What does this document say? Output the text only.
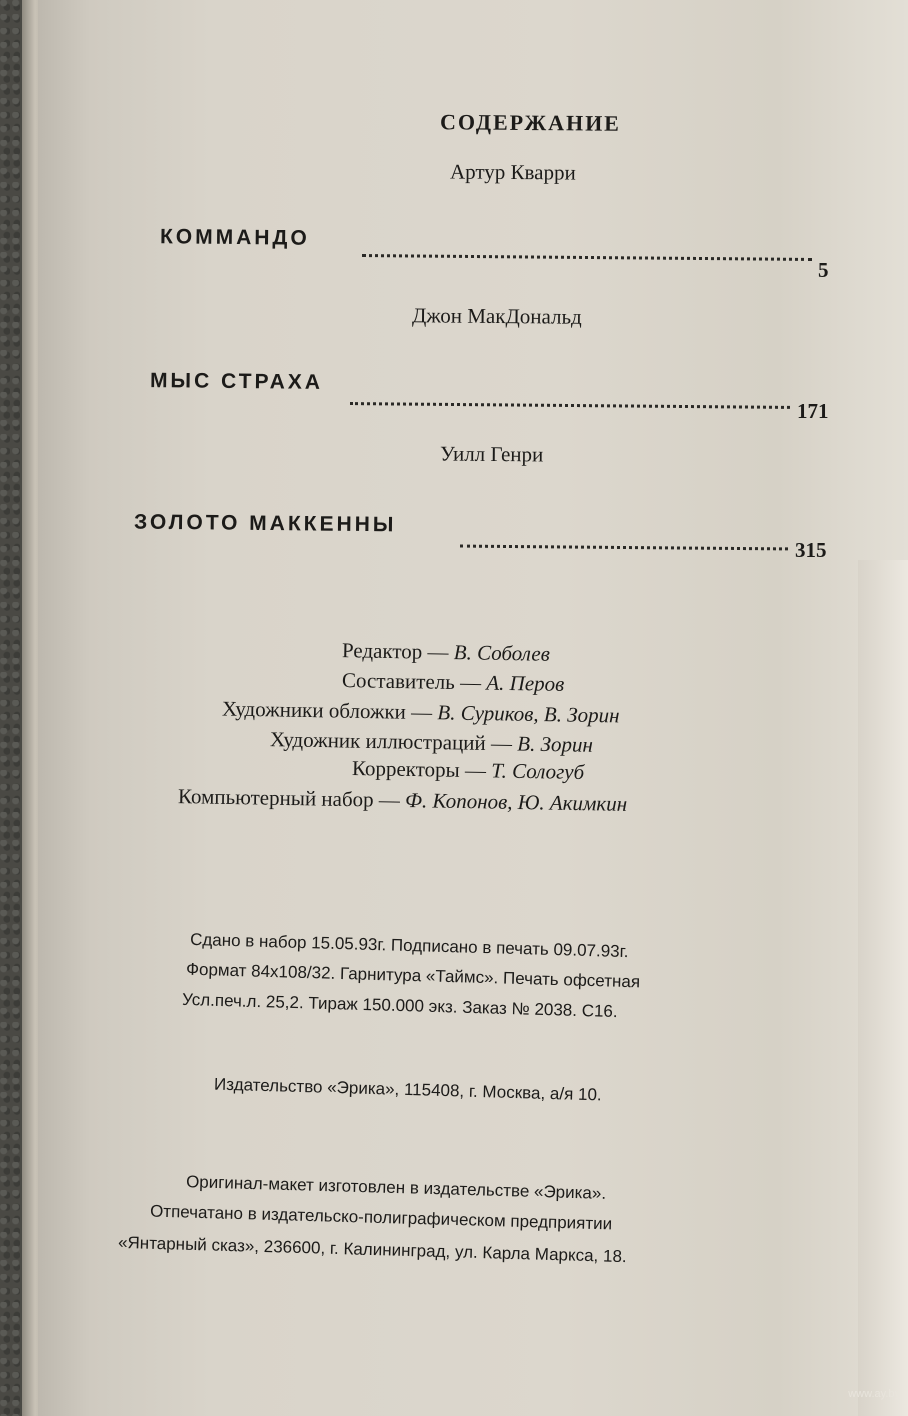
СОДЕРЖАНИЕ
Артур Кварри
КОММАНДО
5
Джон МакДональд
МЫС СТРАХА
171
Уилл Генри
ЗОЛОТО МАККЕННЫ
315
Редактор — В. Соболев
Составитель — А. Перов
Художники обложки — В. Суриков, В. Зорин
Художник иллюстраций — В. Зорин
Корректоры — Т. Сологуб
Компьютерный набор — Ф. Копонов, Ю. Акимкин
Сдано в набор 15.05.93г. Подписано в печать 09.07.93г.
Формат 84x108/32. Гарнитура «Таймс». Печать офсетная
Усл.печ.л. 25,2. Тираж 150.000 экз. Заказ № 2038. С16.
Издательство «Эрика», 115408, г. Москва, а/я 10.
Оригинал-макет изготовлен в издательстве «Эрика».
Отпечатано в издательско-полиграфическом предприятии
«Янтарный сказ», 236600, г. Калининград, ул. Карла Маркса, 18.
www.ay.by
